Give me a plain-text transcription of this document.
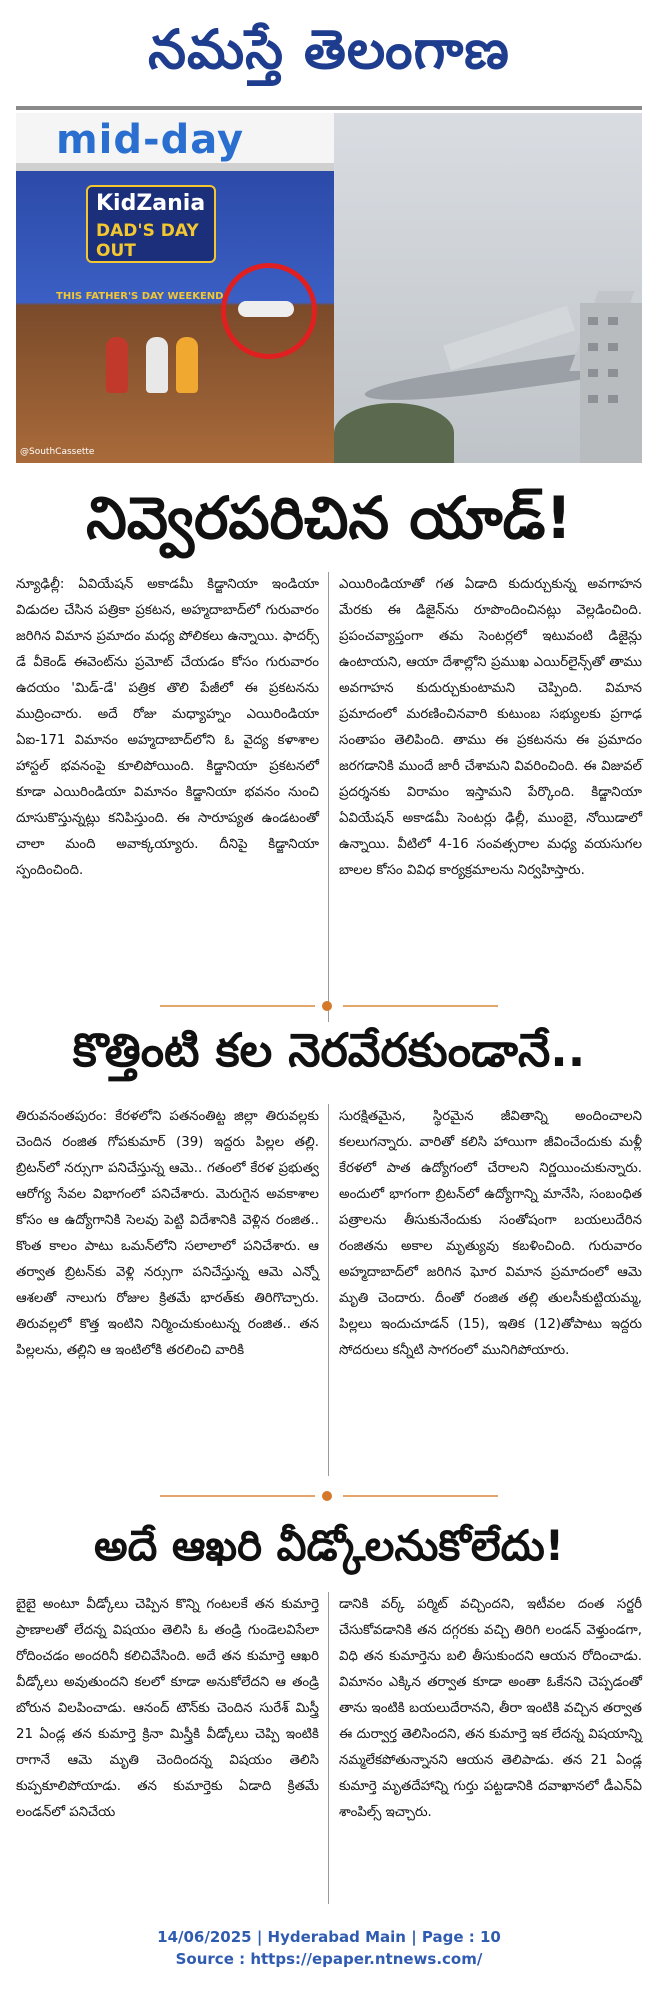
నమస్తే తెలంగాణ
mid-day
KidZania
DAD'S DAY OUT
THIS FATHER'S DAY WEEKEND
@SouthCassette
నివ్వెరపరిచిన యాడ్!

న్యూఢిల్లీ: ఏవియేషన్ అకాడమీ కిడ్జానియా ఇండియా విడుదల చేసిన పత్రికా ప్రకటన, అహ్మదాబాద్‌లో గురువారం జరిగిన విమాన ప్రమాదం మధ్య పోలికలు ఉన్నాయి. ఫాదర్స్ డే వీకెండ్ ఈవెంట్‌ను ప్రమోట్ చేయడం కోసం గురువారం ఉదయం 'మిడ్-డే' పత్రిక తొలి పేజీలో ఈ ప్రకటనను ముద్రించారు. అదే రోజు మధ్యాహ్నం ఎయిరిండియా ఏఐ-171 విమానం అహ్మదాబాద్‌లోని ఓ వైద్య కళాశాల హాస్టల్ భవనంపై కూలిపోయింది. కిడ్జానియా ప్రకటనలో కూడా ఎయిరిండియా విమానం కిడ్జానియా భవనం నుంచి దూసుకొస్తున్నట్లు కనిపిస్తుంది. ఈ సారూప్యత ఉండటంతో చాలా మంది అవాక్కయ్యారు. దీనిపై కిడ్జానియా స్పందించింది.

ఎయిరిండియాతో గత ఏడాది కుదుర్చుకున్న అవగాహన మేరకు ఈ డిజైన్‌ను రూపొందించినట్లు వెల్లడించింది. ప్రపంచవ్యాప్తంగా తమ సెంటర్లలో ఇటువంటి డిజైన్లు ఉంటాయని, ఆయా దేశాల్లోని ప్రముఖ ఎయిర్‌లైన్స్‌తో తాము అవగాహన కుదుర్చుకుంటామని చెప్పింది. విమాన ప్రమాదంలో మరణించినవారి కుటుంబ సభ్యులకు ప్రగాఢ సంతాపం తెలిపింది. తాము ఈ ప్రకటనను ఈ ప్రమాదం జరగడానికి ముందే జారీ చేశామని వివరించింది. ఈ విజువల్ ప్రదర్శనకు విరామం ఇస్తామని పేర్కొంది. కిడ్జానియా ఏవియేషన్ అకాడమీ సెంటర్లు ఢిల్లీ, ముంబై, నోయిడాలో ఉన్నాయి. వీటిలో 4-16 సంవత్సరాల మధ్య వయసుగల బాలల కోసం వివిధ కార్యక్రమాలను నిర్వహిస్తారు.

కొత్తింటి కల నెరవేరకుండానే..

తిరువనంతపురం: కేరళలోని పతనంతిట్ట జిల్లా తిరువల్లకు చెందిన రంజిత గోపకుమార్ (39) ఇద్దరు పిల్లల తల్లి. బ్రిటన్‌లో నర్సుగా పనిచేస్తున్న ఆమె.. గతంలో కేరళ ప్రభుత్వ ఆరోగ్య సేవల విభాగంలో పనిచేశారు. మెరుగైన అవకాశాల కోసం ఆ ఉద్యోగానికి సెలవు పెట్టి విదేశానికి వెళ్లిన రంజిత.. కొంత కాలం పాటు ఒమన్‌లోని సలాలాలో పనిచేశారు. ఆ తర్వాత బ్రిటన్‌కు వెళ్లి నర్సుగా పనిచేస్తున్న ఆమె ఎన్నో ఆశలతో నాలుగు రోజుల క్రితమే భారత్‌కు తిరిగొచ్చారు. తిరువల్లలో కొత్త ఇంటిని నిర్మించుకుంటున్న రంజిత.. తన పిల్లలను, తల్లిని ఆ ఇంటిలోకి తరలించి వారికి

సురక్షితమైన, స్థిరమైన జీవితాన్ని అందించాలని కలలుగన్నారు. వారితో కలిసి హాయిగా జీవించేందుకు మళ్లీ కేరళలో పాత ఉద్యోగంలో చేరాలని నిర్ణయించుకున్నారు. అందులో భాగంగా బ్రిటన్‌లో ఉద్యోగాన్ని మానేసి, సంబంధిత పత్రాలను తీసుకునేందుకు సంతోషంగా బయలుదేరిన రంజితను అకాల మృత్యువు కబళించింది. గురువారం అహ్మదాబాద్‌లో జరిగిన ఘోర విమాన ప్రమాదంలో ఆమె మృతి చెందారు. దీంతో రంజిత తల్లి తులసీకుట్టియమ్మ, పిల్లలు ఇందుచూడన్ (15), ఇతిక (12)తోపాటు ఇద్దరు సోదరులు కన్నీటి సాగరంలో మునిగిపోయారు.

అదే ఆఖరి వీడ్కోలనుకోలేదు!

బైబై అంటూ వీడ్కోలు చెప్పిన కొన్ని గంటలకే తన కుమార్తె ప్రాణాలతో లేదన్న విషయం తెలిసి ఓ తండ్రి గుండెలవిసేలా రోదించడం అందరినీ కలిచివేసింది. అదే తన కుమార్తె ఆఖరి వీడ్కోలు అవుతుందని కలలో కూడా అనుకోలేదని ఆ తండ్రి బోరున విలపించాడు. ఆనంద్ టౌన్‌కు చెందిన సురేశ్ మిస్త్రీ 21 ఏండ్ల తన కుమార్తె క్రినా మిస్త్రీకి వీడ్కోలు చెప్పి ఇంటికి రాగానే ఆమె మృతి చెందిందన్న విషయం తెలిసి కుప్పకూలిపోయాడు. తన కుమార్తెకు ఏడాది క్రితమే లండన్‌లో పనిచేయ

డానికి వర్క్ పర్మిట్ వచ్చిందని, ఇటీవల దంత సర్జరీ చేసుకోవడానికి తన దగ్గరకు వచ్చి తిరిగి లండన్ వెళ్తుండగా, విధి తన కుమార్తెను బలి తీసుకుందని ఆయన రోదించాడు. విమానం ఎక్కిన తర్వాత కూడా అంతా ఓకేనని చెప్పడంతో తాను ఇంటికి బయలుదేరానని, తీరా ఇంటికి వచ్చిన తర్వాత ఈ దుర్వార్త తెలిసిందని, తన కుమార్తె ఇక లేదన్న విషయాన్ని నమ్మలేకపోతున్నానని ఆయన తెలిపాడు. తన 21 ఏండ్ల కుమార్తె మృతదేహాన్ని గుర్తు పట్టడానికి దవాఖానలో డీఎన్‌ఏ శాంపిల్స్ ఇచ్చారు.

14/06/2025 | Hyderabad Main | Page : 10
Source : https://epaper.ntnews.com/
